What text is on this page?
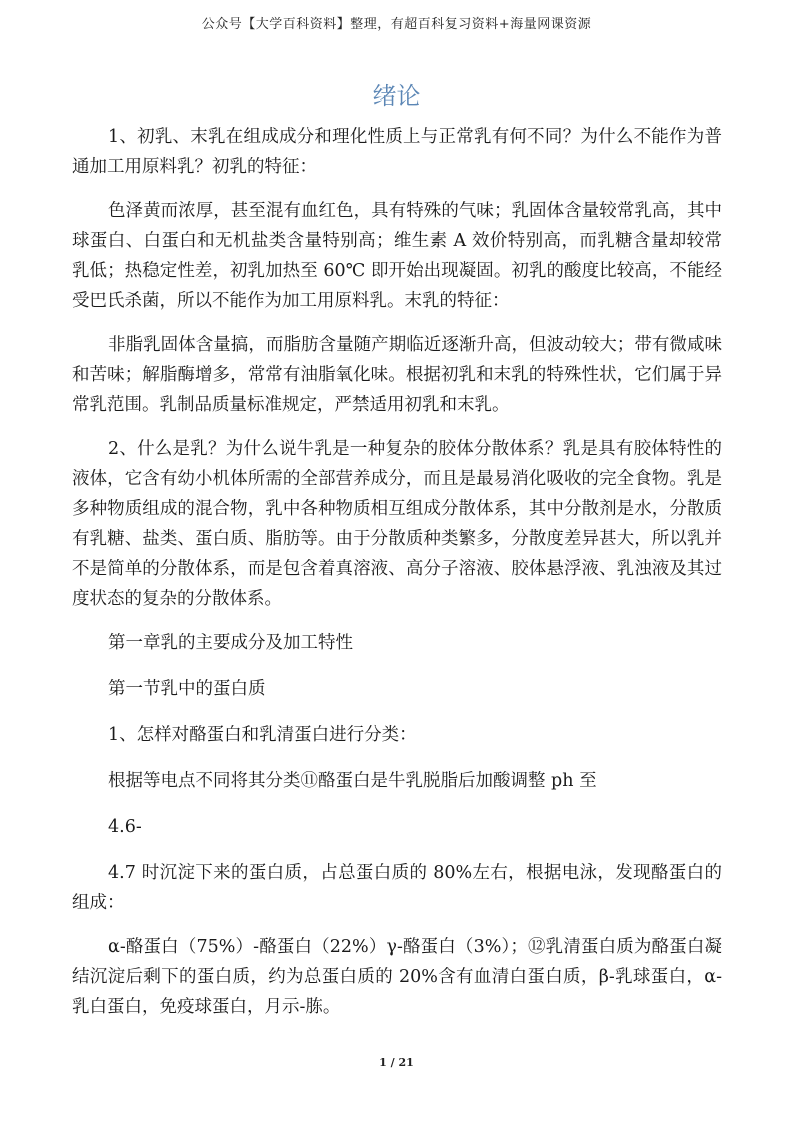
公众号【大学百科资料】整理，有超百科复习资料+海量网课资源
绪论

1、初乳、末乳在组成成分和理化性质上与正常乳有何不同？为什么不能作为普通加工用原料乳？初乳的特征：

色泽黄而浓厚，甚至混有血红色，具有特殊的气味；乳固体含量较常乳高，其中球蛋白、白蛋白和无机盐类含量特别高；维生素 A 效价特别高，而乳糖含量却较常乳低；热稳定性差，初乳加热至 60℃ 即开始出现凝固。初乳的酸度比较高，不能经受巴氏杀菌，所以不能作为加工用原料乳。末乳的特征：

非脂乳固体含量搞，而脂肪含量随产期临近逐渐升高，但波动较大；带有微咸味和苦味；解脂酶增多，常常有油脂氧化味。根据初乳和末乳的特殊性状，它们属于异常乳范围。乳制品质量标准规定，严禁适用初乳和末乳。

2、什么是乳？为什么说牛乳是一种复杂的胶体分散体系？乳是具有胶体特性的液体，它含有幼小机体所需的全部营养成分，而且是最易消化吸收的完全食物。乳是多种物质组成的混合物，乳中各种物质相互组成分散体系，其中分散剂是水，分散质有乳糖、盐类、蛋白质、脂肪等。由于分散质种类繁多，分散度差异甚大，所以乳并不是简单的分散体系，而是包含着真溶液、高分子溶液、胶体悬浮液、乳浊液及其过度状态的复杂的分散体系。

第一章乳的主要成分及加工特性

第一节乳中的蛋白质

1、怎样对酪蛋白和乳清蛋白进行分类：

根据等电点不同将其分类⑪酪蛋白是牛乳脱脂后加酸调整 ph 至

4.6-

4.7 时沉淀下来的蛋白质，占总蛋白质的 80%左右，根据电泳，发现酪蛋白的组成：

α-酪蛋白（75%）-酪蛋白（22%）γ-酪蛋白（3%）；⑫乳清蛋白质为酪蛋白凝结沉淀后剩下的蛋白质，约为总蛋白质的 20%含有血清白蛋白质，β-乳球蛋白，α-乳白蛋白，免疫球蛋白，月示-胨。

1 / 21
